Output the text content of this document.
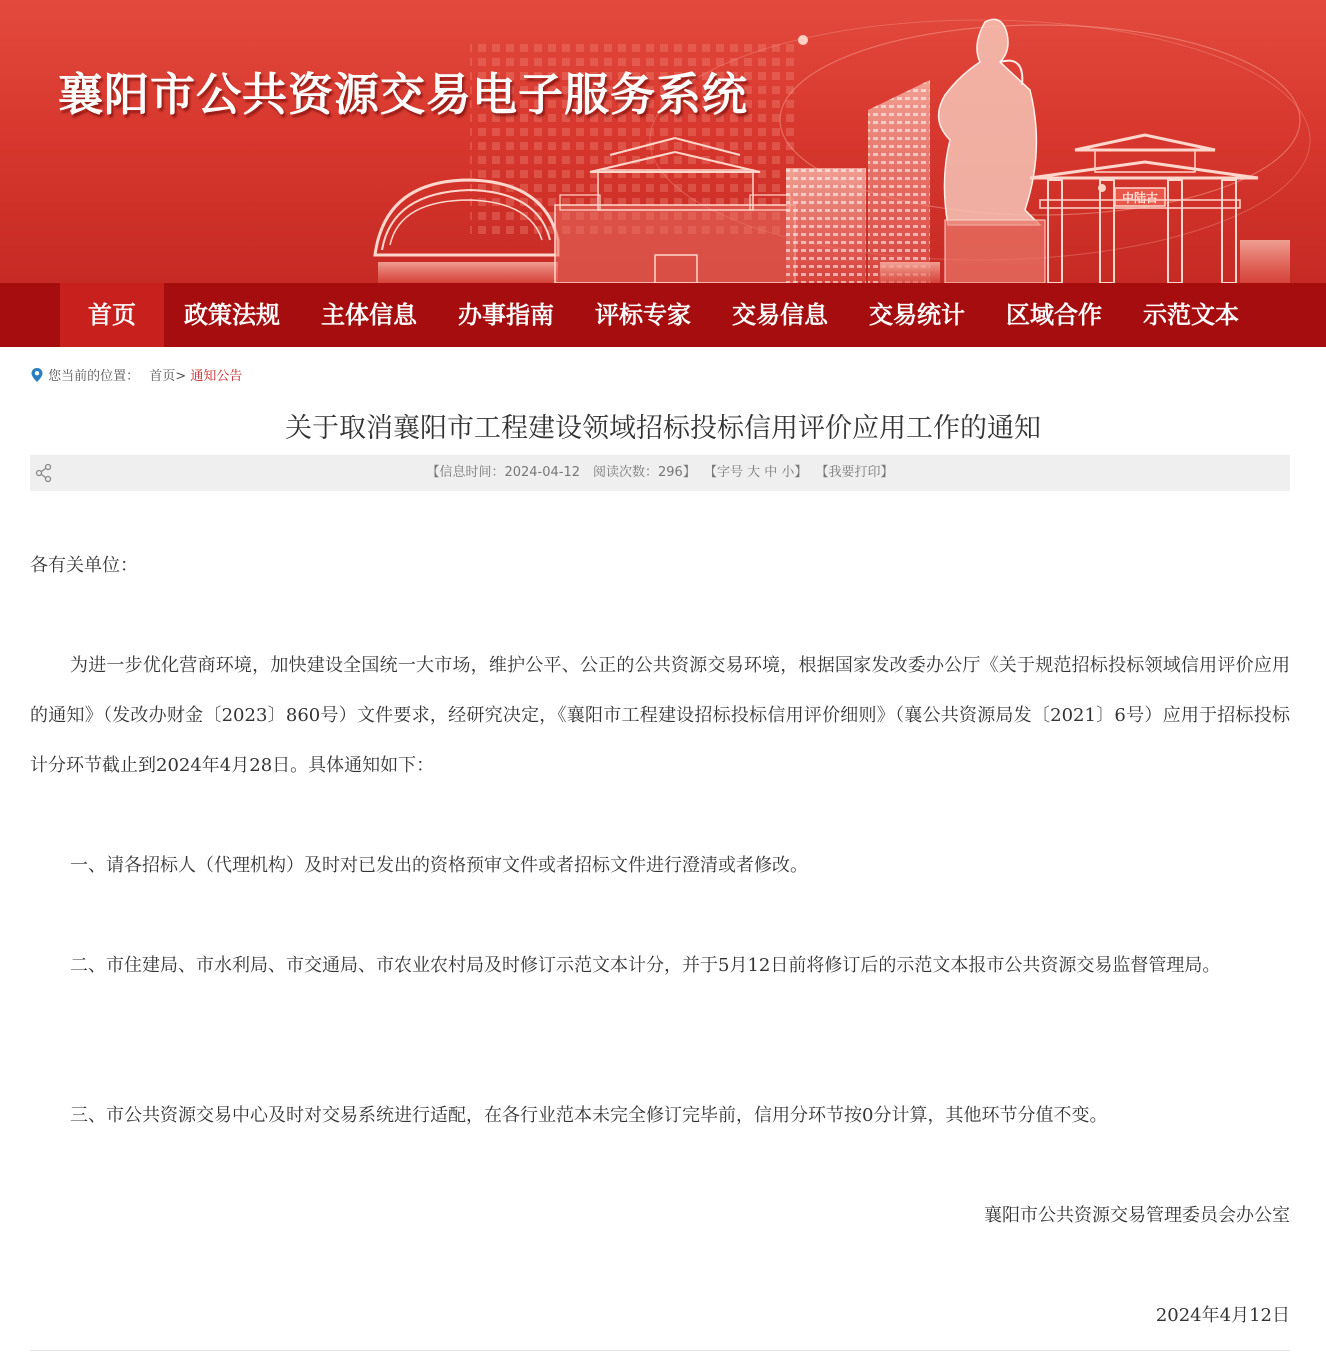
中陆古
襄阳市公共资源交易电子服务系统
首页	政策法规	主体信息	办事指南	评标专家	交易信息	交易统计	区域合作	示范文本
您当前的位置： 首页> 通知公告
关于取消襄阳市工程建设领域招标投标信用评价应用工作的通知
【信息时间：2024-04-12　阅读次数：296】 【字号 大 中 小】 【我要打印】
各有关单位：
为进一步优化营商环境，加快建设全国统一大市场，维护公平、公正的公共资源交易环境，根据国家发改委办公厅《关于规范招标投标领域信用评价应用的通知》（发改办财金〔2023〕860号）文件要求，经研究决定，《襄阳市工程建设招标投标信用评价细则》（襄公共资源局发〔2021〕6号）应用于招标投标计分环节截止到2024年4月28日。具体通知如下：
一、请各招标人（代理机构）及时对已发出的资格预审文件或者招标文件进行澄清或者修改。
二、市住建局、市水利局、市交通局、市农业农村局及时修订示范文本计分，并于5月12日前将修订后的示范文本报市公共资源交易监督管理局。
三、市公共资源交易中心及时对交易系统进行适配，在各行业范本未完全修订完毕前，信用分环节按0分计算，其他环节分值不变。
襄阳市公共资源交易管理委员会办公室
2024年4月12日
